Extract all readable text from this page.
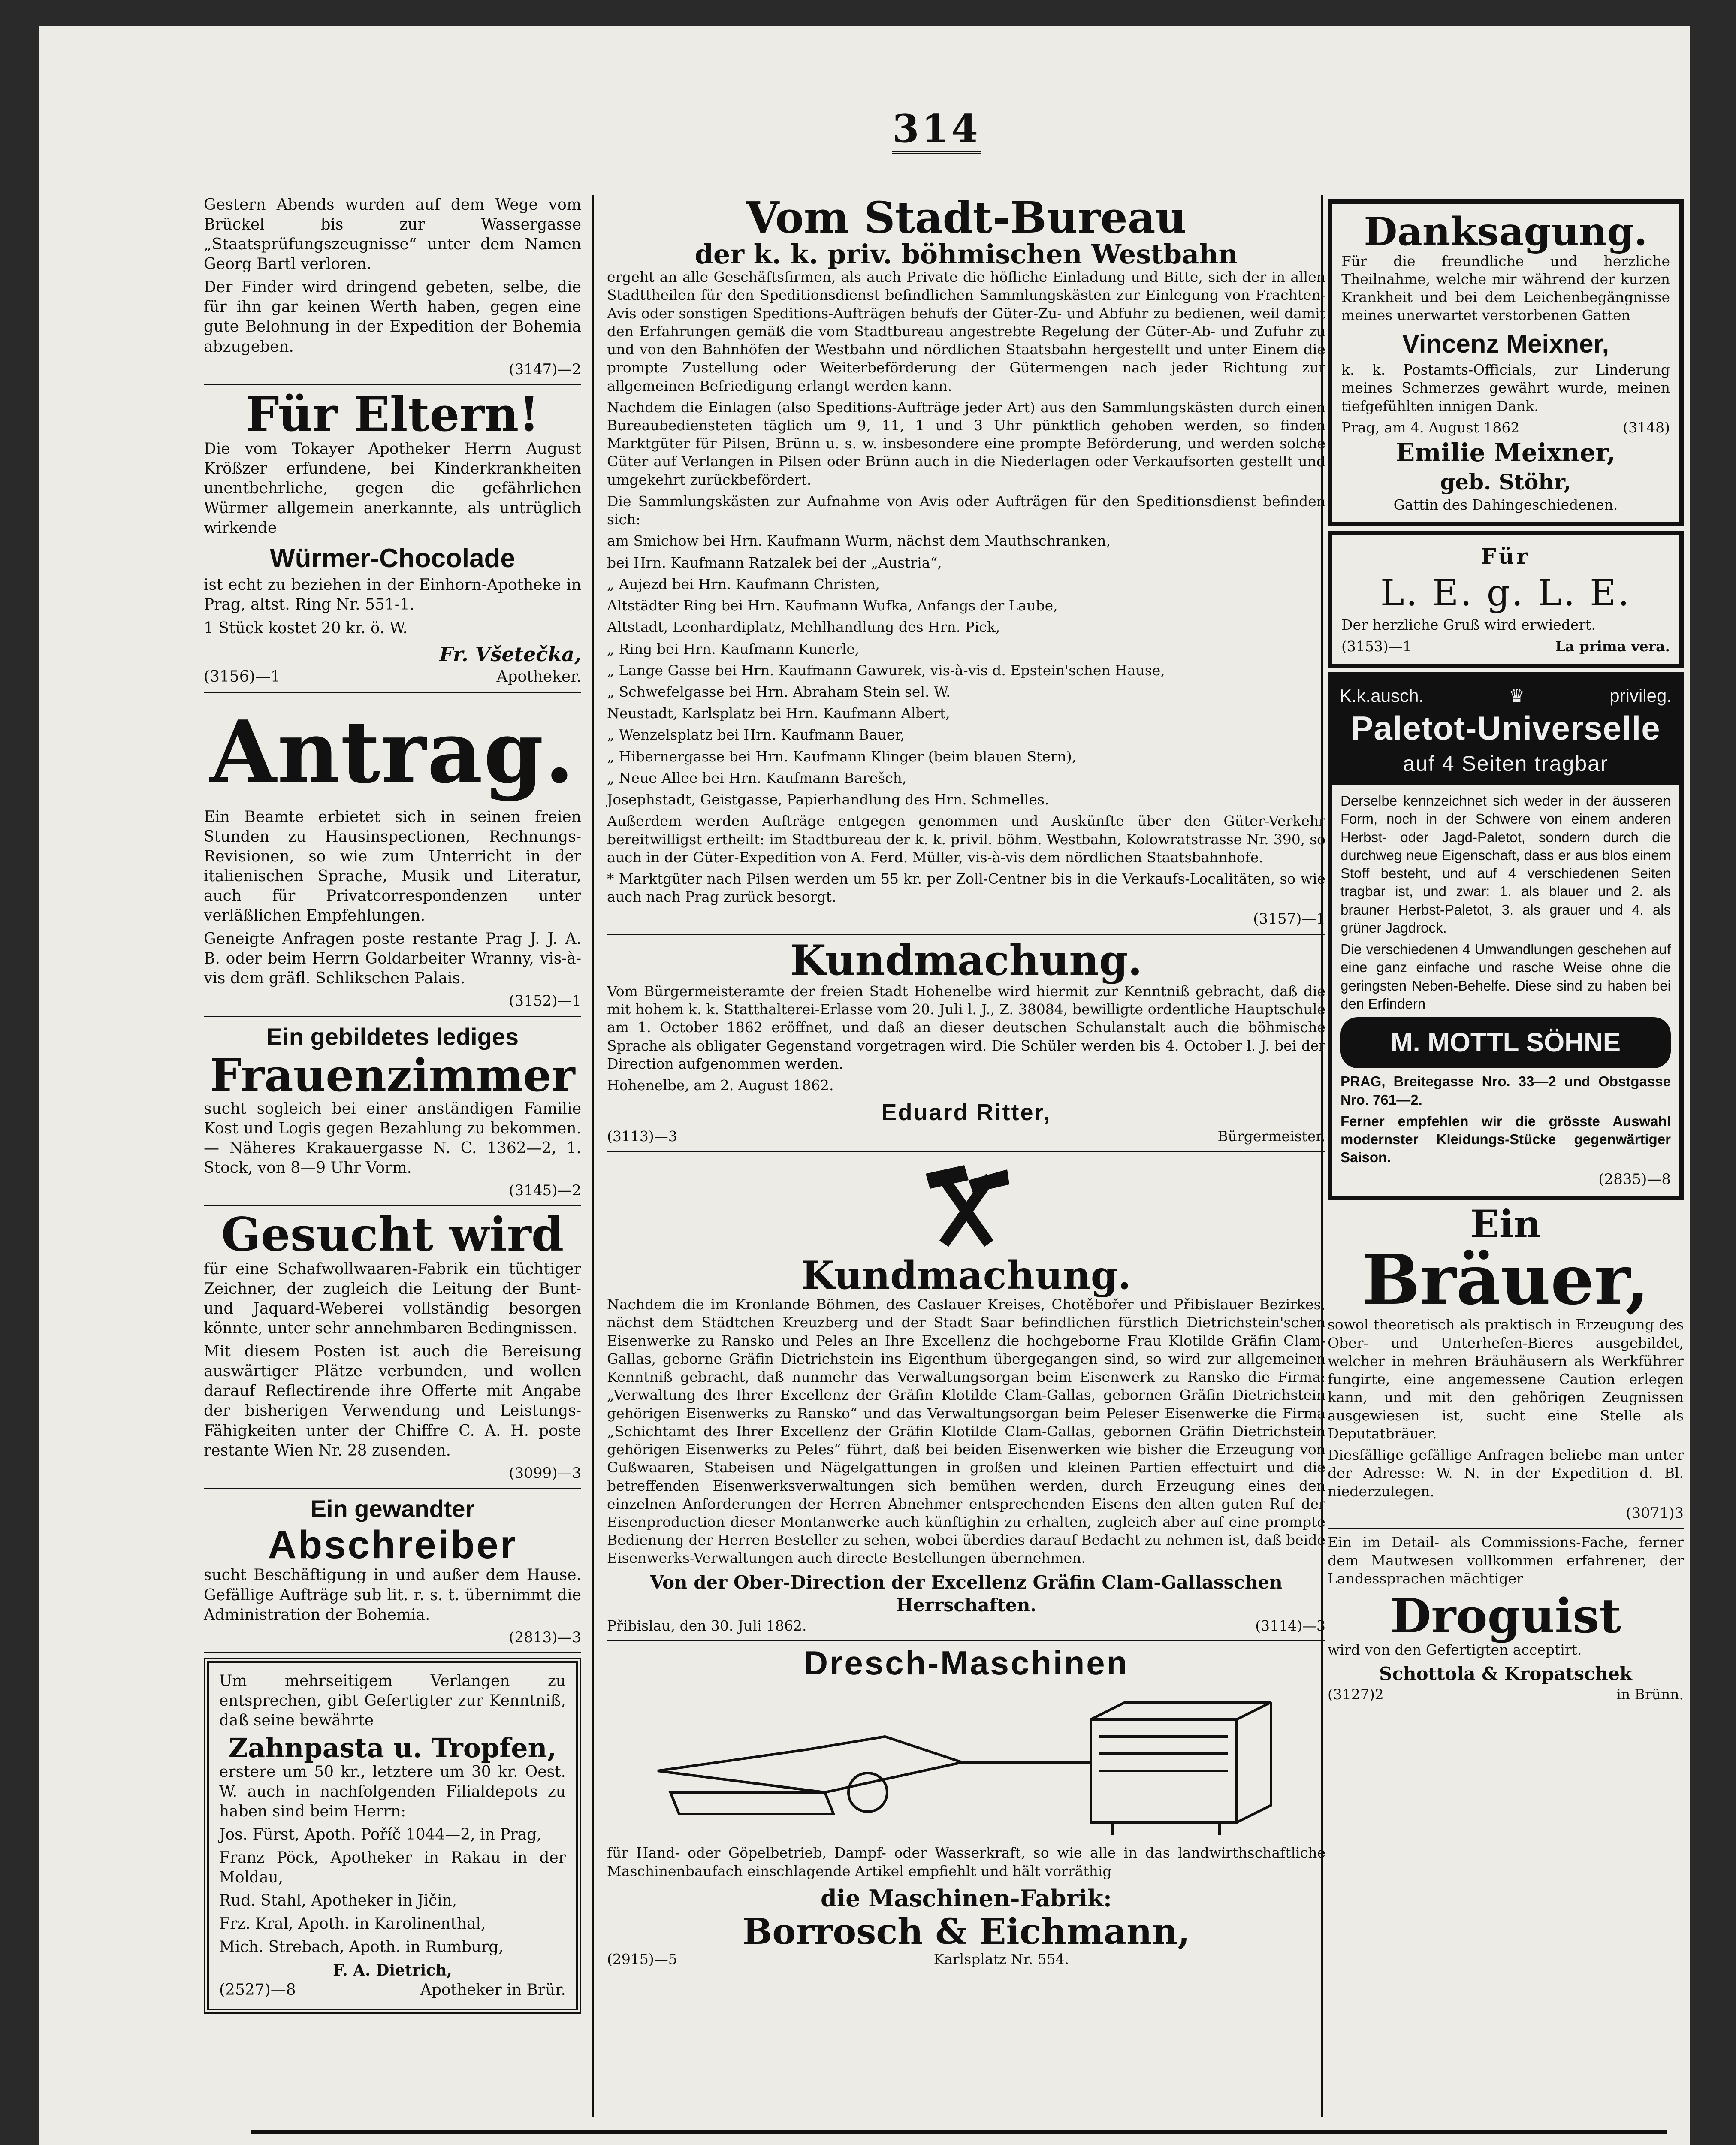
314

Gestern Abends wurden auf dem Wege vom Brückel bis zur Wassergasse „Staatsprüfungszeugnisse“ unter dem Namen Georg Bartl verloren.

Der Finder wird dringend gebeten, selbe, die für ihn gar keinen Werth haben, gegen eine gute Belohnung in der Expedition der Bohemia abzugeben.

(3147)—2
Für Eltern!

Die vom Tokayer Apotheker Herrn August Krößzer erfundene, bei Kinderkrankheiten unentbehrliche, gegen die gefährlichen Würmer allgemein anerkannte, als untrüglich wirkende

Würmer-Chocolade

ist echt zu beziehen in der Einhorn-Apotheke in Prag, altst. Ring Nr. 551-1.

1 Stück kostet 20 kr. ö. W.

Fr. Všetečka,
(3156)—1	Apotheker.
Antrag.

Ein Beamte erbietet sich in seinen freien Stunden zu Hausinspectionen, Rechnungs-Revisionen, so wie zum Unterricht in der italienischen Sprache, Musik und Literatur, auch für Privatcorrespondenzen unter verläßlichen Empfehlungen.

Geneigte Anfragen poste restante Prag J. J. A. B. oder beim Herrn Goldarbeiter Wranny, vis-à-vis dem gräfl. Schlikschen Palais.

(3152)—1
Ein gebildetes lediges
Frauenzimmer

sucht sogleich bei einer anständigen Familie Kost und Logis gegen Bezahlung zu bekommen. — Näheres Krakauergasse N. C. 1362—2, 1. Stock, von 8—9 Uhr Vorm.

(3145)—2
Gesucht wird

für eine Schafwollwaaren-Fabrik ein tüchtiger Zeichner, der zugleich die Leitung der Bunt- und Jaquard-Weberei vollständig besorgen könnte, unter sehr annehmbaren Bedingnissen.

Mit diesem Posten ist auch die Bereisung auswärtiger Plätze verbunden, und wollen darauf Reflectirende ihre Offerte mit Angabe der bisherigen Verwendung und Leistungs-Fähigkeiten unter der Chiffre C. A. H. poste restante Wien Nr. 28 zusenden.

(3099)—3
Ein gewandter
Abschreiber

sucht Beschäftigung in und außer dem Hause. Gefällige Aufträge sub lit. r. s. t. übernimmt die Administration der Bohemia.

(2813)—3

Um mehrseitigem Verlangen zu entsprechen, gibt Gefertigter zur Kenntniß, daß seine bewährte

Zahnpasta u. Tropfen,

erstere um 50 kr., letztere um 30 kr. Oest. W. auch in nachfolgenden Filialdepots zu haben sind beim Herrn:

Jos. Fürst, Apoth. Poříč 1044—2, in Prag,

Franz Pöck, Apotheker in Rakau in der Moldau,

Rud. Stahl, Apotheker in Jičin,

Frz. Kral, Apoth. in Karolinenthal,

Mich. Strebach, Apoth. in Rumburg,

F. A. Dietrich,
(2527)—8	Apotheker in Brür.
Vom Stadt-Bureau
der k. k. priv. böhmischen Westbahn

ergeht an alle Geschäftsfirmen, als auch Private die höfliche Einladung und Bitte, sich der in allen Stadttheilen für den Speditionsdienst befindlichen Sammlungskästen zur Einlegung von Frachten-Avis oder sonstigen Speditions-Aufträgen behufs der Güter-Zu- und Abfuhr zu bedienen, weil damit den Erfahrungen gemäß die vom Stadtbureau angestrebte Regelung der Güter-Ab- und Zufuhr zu und von den Bahnhöfen der Westbahn und nördlichen Staatsbahn hergestellt und unter Einem die prompte Zustellung oder Weiterbeförderung der Gütermengen nach jeder Richtung zur allgemeinen Befriedigung erlangt werden kann.

Nachdem die Einlagen (also Speditions-Aufträge jeder Art) aus den Sammlungskästen durch einen Bureaubediensteten täglich um 9, 11, 1 und 3 Uhr pünktlich gehoben werden, so finden Marktgüter für Pilsen, Brünn u. s. w. insbesondere eine prompte Beförderung, und werden solche Güter auf Verlangen in Pilsen oder Brünn auch in die Niederlagen oder Verkaufsorten gestellt und umgekehrt zurückbefördert.

Die Sammlungskästen zur Aufnahme von Avis oder Aufträgen für den Speditionsdienst befinden sich:

am Smichow bei Hrn. Kaufmann Wurm, nächst dem Mauthschranken,

bei Hrn. Kaufmann Ratzalek bei der „Austria“,

„ Aujezd bei Hrn. Kaufmann Christen,

Altstädter Ring bei Hrn. Kaufmann Wufka, Anfangs der Laube,

Altstadt, Leonhardiplatz, Mehlhandlung des Hrn. Pick,

„ Ring bei Hrn. Kaufmann Kunerle,

„ Lange Gasse bei Hrn. Kaufmann Gawurek, vis-à-vis d. Epstein'schen Hause,

„ Schwefelgasse bei Hrn. Abraham Stein sel. W.

Neustadt, Karlsplatz bei Hrn. Kaufmann Albert,

„ Wenzelsplatz bei Hrn. Kaufmann Bauer,

„ Hibernergasse bei Hrn. Kaufmann Klinger (beim blauen Stern),

„ Neue Allee bei Hrn. Kaufmann Barešch,

Josephstadt, Geistgasse, Papierhandlung des Hrn. Schmelles.

Außerdem werden Aufträge entgegen genommen und Auskünfte über den Güter-Verkehr bereitwilligst ertheilt: im Stadtbureau der k. k. privil. böhm. Westbahn, Kolowratstrasse Nr. 390, so auch in der Güter-Expedition von A. Ferd. Müller, vis-à-vis dem nördlichen Staatsbahnhofe.

* Marktgüter nach Pilsen werden um 55 kr. per Zoll-Centner bis in die Verkaufs-Localitäten, so wie auch nach Prag zurück besorgt.

(3157)—1
Kundmachung.

Vom Bürgermeisteramte der freien Stadt Hohenelbe wird hiermit zur Kenntniß gebracht, daß die mit hohem k. k. Statthalterei-Erlasse vom 20. Juli l. J., Z. 38084, bewilligte ordentliche Hauptschule am 1. October 1862 eröffnet, und daß an dieser deutschen Schulanstalt auch die böhmische Sprache als obligater Gegenstand vorgetragen wird. Die Schüler werden bis 4. October l. J. bei der Direction aufgenommen werden.

Hohenelbe, am 2. August 1862.

Eduard Ritter,
(3113)—3	Bürgermeister.
Kundmachung.

Nachdem die im Kronlande Böhmen, des Caslauer Kreises, Chotěbořer und Přibislauer Bezirkes, nächst dem Städtchen Kreuzberg und der Stadt Saar befindlichen fürstlich Dietrichstein'schen Eisenwerke zu Ransko und Peles an Ihre Excellenz die hochgeborne Frau Klotilde Gräfin Clam-Gallas, geborne Gräfin Dietrichstein ins Eigenthum übergegangen sind, so wird zur allgemeinen Kenntniß gebracht, daß nunmehr das Verwaltungsorgan beim Eisenwerk zu Ransko die Firma: „Verwaltung des Ihrer Excellenz der Gräfin Klotilde Clam-Gallas, gebornen Gräfin Dietrichstein gehörigen Eisenwerks zu Ransko“ und das Verwaltungsorgan beim Peleser Eisenwerke die Firma „Schichtamt des Ihrer Excellenz der Gräfin Klotilde Clam-Gallas, gebornen Gräfin Dietrichstein gehörigen Eisenwerks zu Peles“ führt, daß bei beiden Eisenwerken wie bisher die Erzeugung von Gußwaaren, Stabeisen und Nägelgattungen in großen und kleinen Partien effectuirt und die betreffenden Eisenwerksverwaltungen sich bemühen werden, durch Erzeugung eines den einzelnen Anforderungen der Herren Abnehmer entsprechenden Eisens den alten guten Ruf der Eisenproduction dieser Montanwerke auch künftighin zu erhalten, zugleich aber auf eine prompte Bedienung der Herren Besteller zu sehen, wobei überdies darauf Bedacht zu nehmen ist, daß beide Eisenwerks-Verwaltungen auch directe Bestellungen übernehmen.

Von der Ober-Direction der Excellenz Gräfin Clam-Gallasschen Herrschaften.
Přibislau, den 30. Juli 1862.	(3114)—3
Dresch-Maschinen

für Hand- oder Göpelbetrieb, Dampf- oder Wasserkraft, so wie alle in das landwirthschaftliche Maschinenbaufach einschlagende Artikel empfiehlt und hält vorräthig

die Maschinen-Fabrik:
Borrosch & Eichmann,
(2915)—5	Karlsplatz Nr. 554.
Danksagung.

Für die freundliche und herzliche Theilnahme, welche mir während der kurzen Krankheit und bei dem Leichenbegängnisse meines unerwartet verstorbenen Gatten

Vincenz Meixner,

k. k. Postamts-Officials, zur Linderung meines Schmerzes gewährt wurde, meinen tiefgefühlten innigen Dank.

Prag, am 4. August 1862	(3148)
Emilie Meixner,
geb. Stöhr,
Gattin des Dahingeschiedenen.
Für
L. E. g. L. E.

Der herzliche Gruß wird erwiedert.

(3153)—1	La prima vera.
K.k.ausch.	♛	privileg.
Paletot-Universelle
auf 4 Seiten tragbar

Derselbe kennzeichnet sich weder in der äusseren Form, noch in der Schwere von einem anderen Herbst- oder Jagd-Paletot, sondern durch die durchweg neue Eigenschaft, dass er aus blos einem Stoff besteht, und auf 4 verschiedenen Seiten tragbar ist, und zwar: 1. als blauer und 2. als brauner Herbst-Paletot, 3. als grauer und 4. als grüner Jagdrock.

Die verschiedenen 4 Umwandlungen geschehen auf eine ganz einfache und rasche Weise ohne die geringsten Neben-Behelfe. Diese sind zu haben bei den Erfindern

M. MOTTL SÖHNE

PRAG, Breitegasse Nro. 33—2 und Obstgasse Nro. 761—2.

Ferner empfehlen wir die grösste Auswahl modernster Kleidungs-Stücke gegenwärtiger Saison.

(2835)—8
Ein
Bräuer,

sowol theoretisch als praktisch in Erzeugung des Ober- und Unterhefen-Bieres ausgebildet, welcher in mehren Bräuhäusern als Werkführer fungirte, eine angemessene Caution erlegen kann, und mit den gehörigen Zeugnissen ausgewiesen ist, sucht eine Stelle als Deputatbräuer.

Diesfällige gefällige Anfragen beliebe man unter der Adresse: W. N. in der Expedition d. Bl. niederzulegen.

(3071)3

Ein im Detail- als Commissions-Fache, ferner dem Mautwesen vollkommen erfahrener, der Landessprachen mächtiger

Droguist

wird von den Gefertigten acceptirt.

Schottola & Kropatschek
(3127)2	in Brünn.
